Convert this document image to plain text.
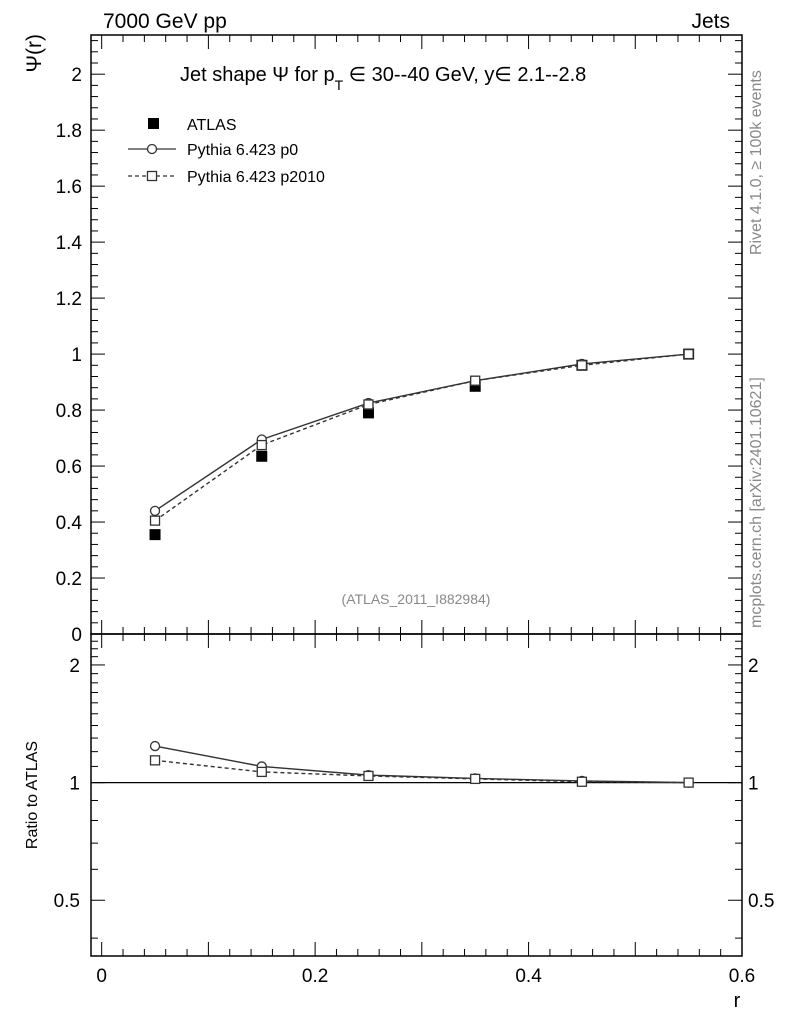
7000 GeV pp	Jets
Rivet 4.1.0, ≥ 100k events
mcplots.cern.ch [arXiv:2401.10621]
Ψ(r)
Jet shape Ψ for $p_T$ ∈ 30--40 GeV, y∈ 2.1--2.8
(ATLAS_2011_I882984)
0
0.2
0.4
0.6
0.8
1
1.2
1.4
1.6
1.8
2
ATLAS
Pythia 6.423 p0
Pythia 6.423 p2010
Ratio to ATLAS
0.5	0.5
1	1
2	2
0	0.2	0.4	0.6
r
